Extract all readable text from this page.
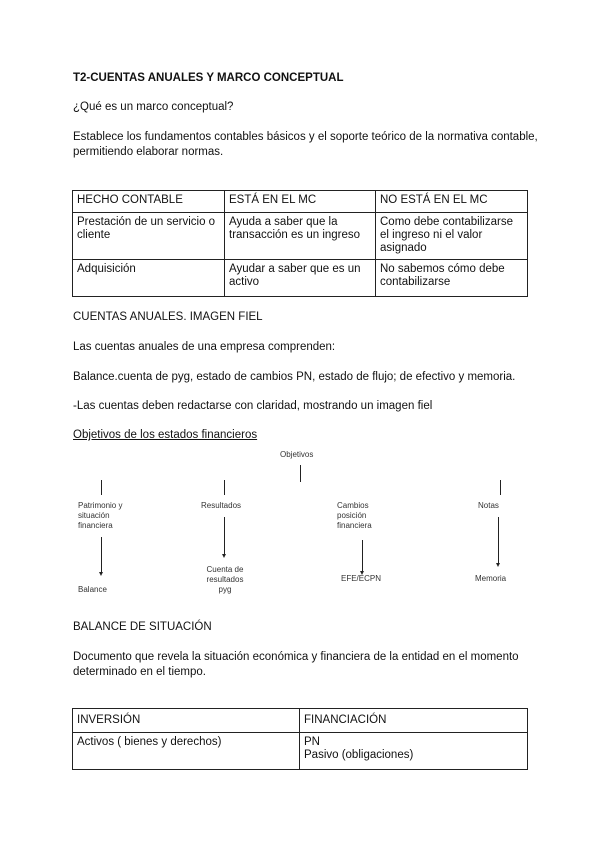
T2-CUENTAS ANUALES Y MARCO CONCEPTUAL
¿Qué es un marco conceptual?
Establece los fundamentos contables básicos y el soporte teórico de la normativa contable,
permitiendo elaborar normas.
HECHO CONTABLE	ESTÁ EN EL MC	NO ESTÁ EN EL MC
Prestación de un servicio o cliente	Ayuda a saber que la transacción es un ingreso	Como debe contabilizarse el ingreso ni el valor asignado
Adquisición	Ayudar a saber que es un activo	No sabemos cómo debe contabilizarse
CUENTAS ANUALES. IMAGEN FIEL
Las cuentas anuales de una empresa comprenden:
Balance.cuenta de pyg, estado de cambios PN, estado de flujo; de efectivo y memoria.
-Las cuentas deben redactarse con claridad, mostrando un imagen fiel
Objetivos de los estados financieros
Objetivos
Patrimonio y situación financiera
Resultados	Cambios posición financiera
Notas
Balance
Cuenta de resultados pyg
EFE/ECPN	Memoria
BALANCE DE SITUACIÓN
Documento que revela la situación económica y financiera de la entidad en el momento
determinado en el tiempo.
INVERSIÓN	FINANCIACIÓN
Activos ( bienes y derechos)	PN
Pasivo (obligaciones)
